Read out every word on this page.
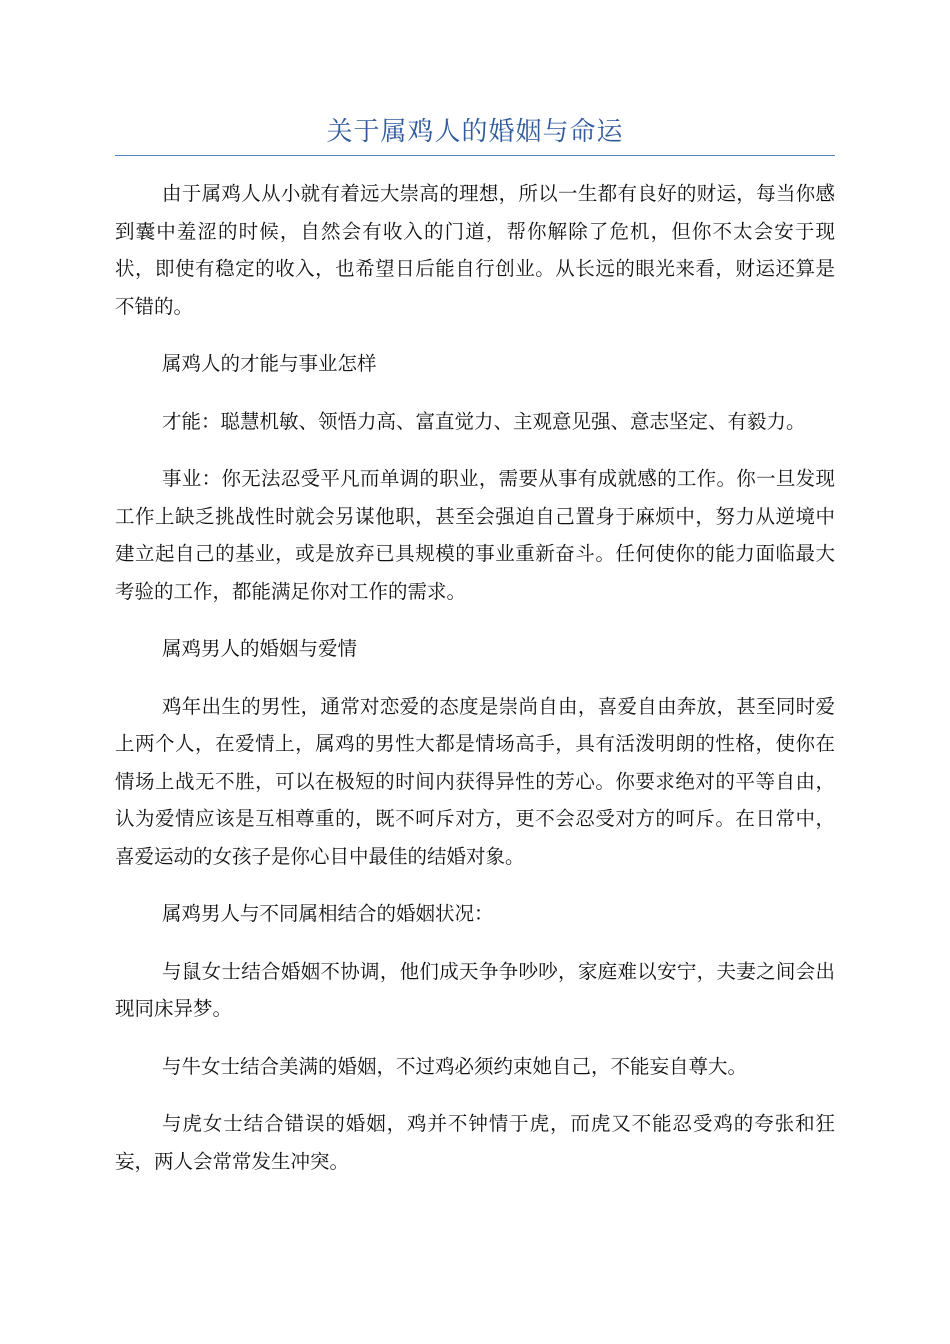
关于属鸡人的婚姻与命运

由于属鸡人从小就有着远大崇高的理想，所以一生都有良好的财运，每当你感到囊中羞涩的时候，自然会有收入的门道，帮你解除了危机，但你不太会安于现状，即使有稳定的收入，也希望日后能自行创业。从长远的眼光来看，财运还算是不错的。

属鸡人的才能与事业怎样

才能：聪慧机敏、领悟力高、富直觉力、主观意见强、意志坚定、有毅力。

事业：你无法忍受平凡而单调的职业，需要从事有成就感的工作。你一旦发现工作上缺乏挑战性时就会另谋他职，甚至会强迫自己置身于麻烦中，努力从逆境中建立起自己的基业，或是放弃已具规模的事业重新奋斗。任何使你的能力面临最大考验的工作，都能满足你对工作的需求。

属鸡男人的婚姻与爱情

鸡年出生的男性，通常对恋爱的态度是崇尚自由，喜爱自由奔放，甚至同时爱上两个人，在爱情上，属鸡的男性大都是情场高手，具有活泼明朗的性格，使你在情场上战无不胜，可以在极短的时间内获得异性的芳心。你要求绝对的平等自由，认为爱情应该是互相尊重的，既不呵斥对方，更不会忍受对方的呵斥。在日常中，喜爱运动的女孩子是你心目中最佳的结婚对象。

属鸡男人与不同属相结合的婚姻状况：

与鼠女士结合婚姻不协调，他们成天争争吵吵，家庭难以安宁，夫妻之间会出现同床异梦。

与牛女士结合美满的婚姻，不过鸡必须约束她自己，不能妄自尊大。

与虎女士结合错误的婚姻，鸡并不钟情于虎，而虎又不能忍受鸡的夸张和狂妄，两人会常常发生冲突。
